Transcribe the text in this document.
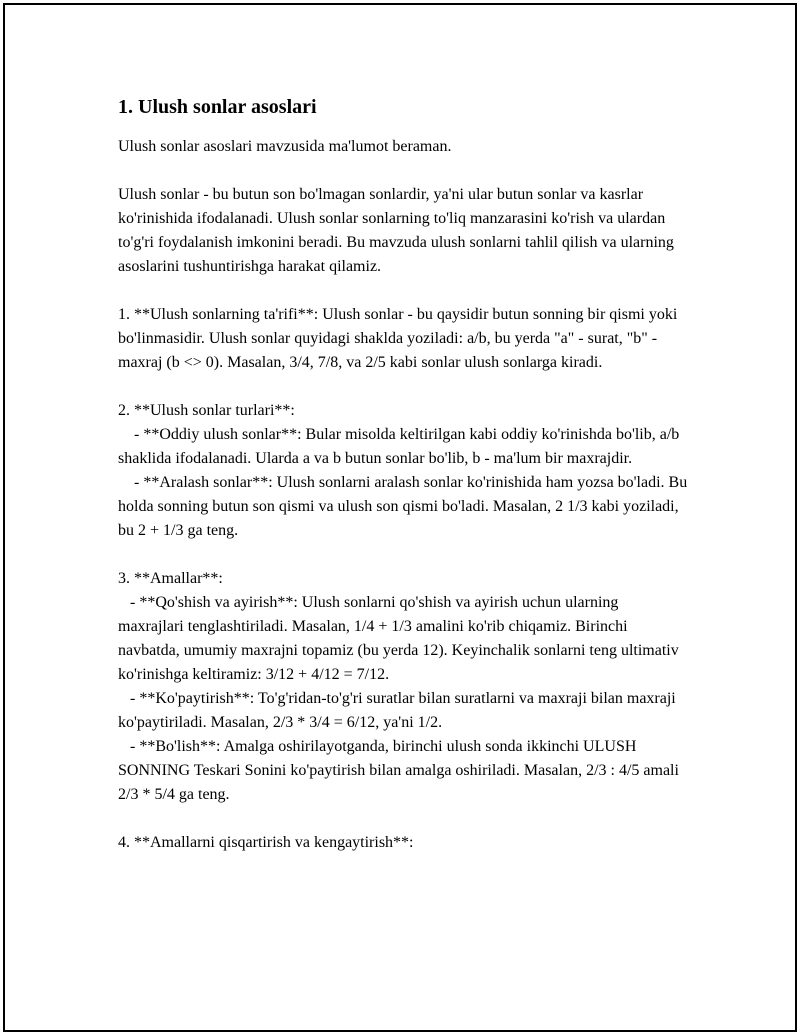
1. Ulush sonlar asoslari

Ulush sonlar asoslari mavzusida ma'lumot beraman.

Ulush sonlar - bu butun son bo'lmagan sonlardir, ya'ni ular butun sonlar va kasrlar ko'rinishida ifodalanadi. Ulush sonlar sonlarning to'liq manzarasini ko'rish va ulardan to'g'ri foydalanish imkonini beradi. Bu mavzuda ulush sonlarni tahlil qilish va ularning asoslarini tushuntirishga harakat qilamiz.

1. **Ulush sonlarning ta'rifi**: Ulush sonlar - bu qaysidir butun sonning bir qismi yoki bo'linmasidir. Ulush sonlar quyidagi shaklda yoziladi: a/b, bu yerda "a" - surat, "b" - maxraj (b <> 0). Masalan, 3/4, 7/8, va 2/5 kabi sonlar ulush sonlarga kiradi.

2. **Ulush sonlar turlari**:
- **Oddiy ulush sonlar**: Bular misolda keltirilgan kabi oddiy ko'rinishda bo'lib, a/b shaklida ifodalanadi. Ularda a va b butun sonlar bo'lib, b - ma'lum bir maxrajdir.
- **Aralash sonlar**: Ulush sonlarni aralash sonlar ko'rinishida ham yozsa bo'ladi. Bu holda sonning butun son qismi va ulush son qismi bo'ladi. Masalan, 2 1/3 kabi yoziladi, bu 2 + 1/3 ga teng.

3. **Amallar**:
- **Qo'shish va ayirish**: Ulush sonlarni qo'shish va ayirish uchun ularning maxrajlari tenglashtiriladi. Masalan, 1/4 + 1/3 amalini ko'rib chiqamiz. Birinchi navbatda, umumiy maxrajni topamiz (bu yerda 12). Keyinchalik sonlarni teng ultimativ ko'rinishga keltiramiz: 3/12 + 4/12 = 7/12.
- **Ko'paytirish**: To'g'ridan-to'g'ri suratlar bilan suratlarni va maxraji bilan maxraji ko'paytiriladi. Masalan, 2/3 * 3/4 = 6/12, ya'ni 1/2.
- **Bo'lish**: Amalga oshirilayotganda, birinchi ulush sonda ikkinchi ULUSH SONNING Teskari Sonini ko'paytirish bilan amalga oshiriladi. Masalan, 2/3 : 4/5 amali 2/3 * 5/4 ga teng.

4. **Amallarni qisqartirish va kengaytirish**:
